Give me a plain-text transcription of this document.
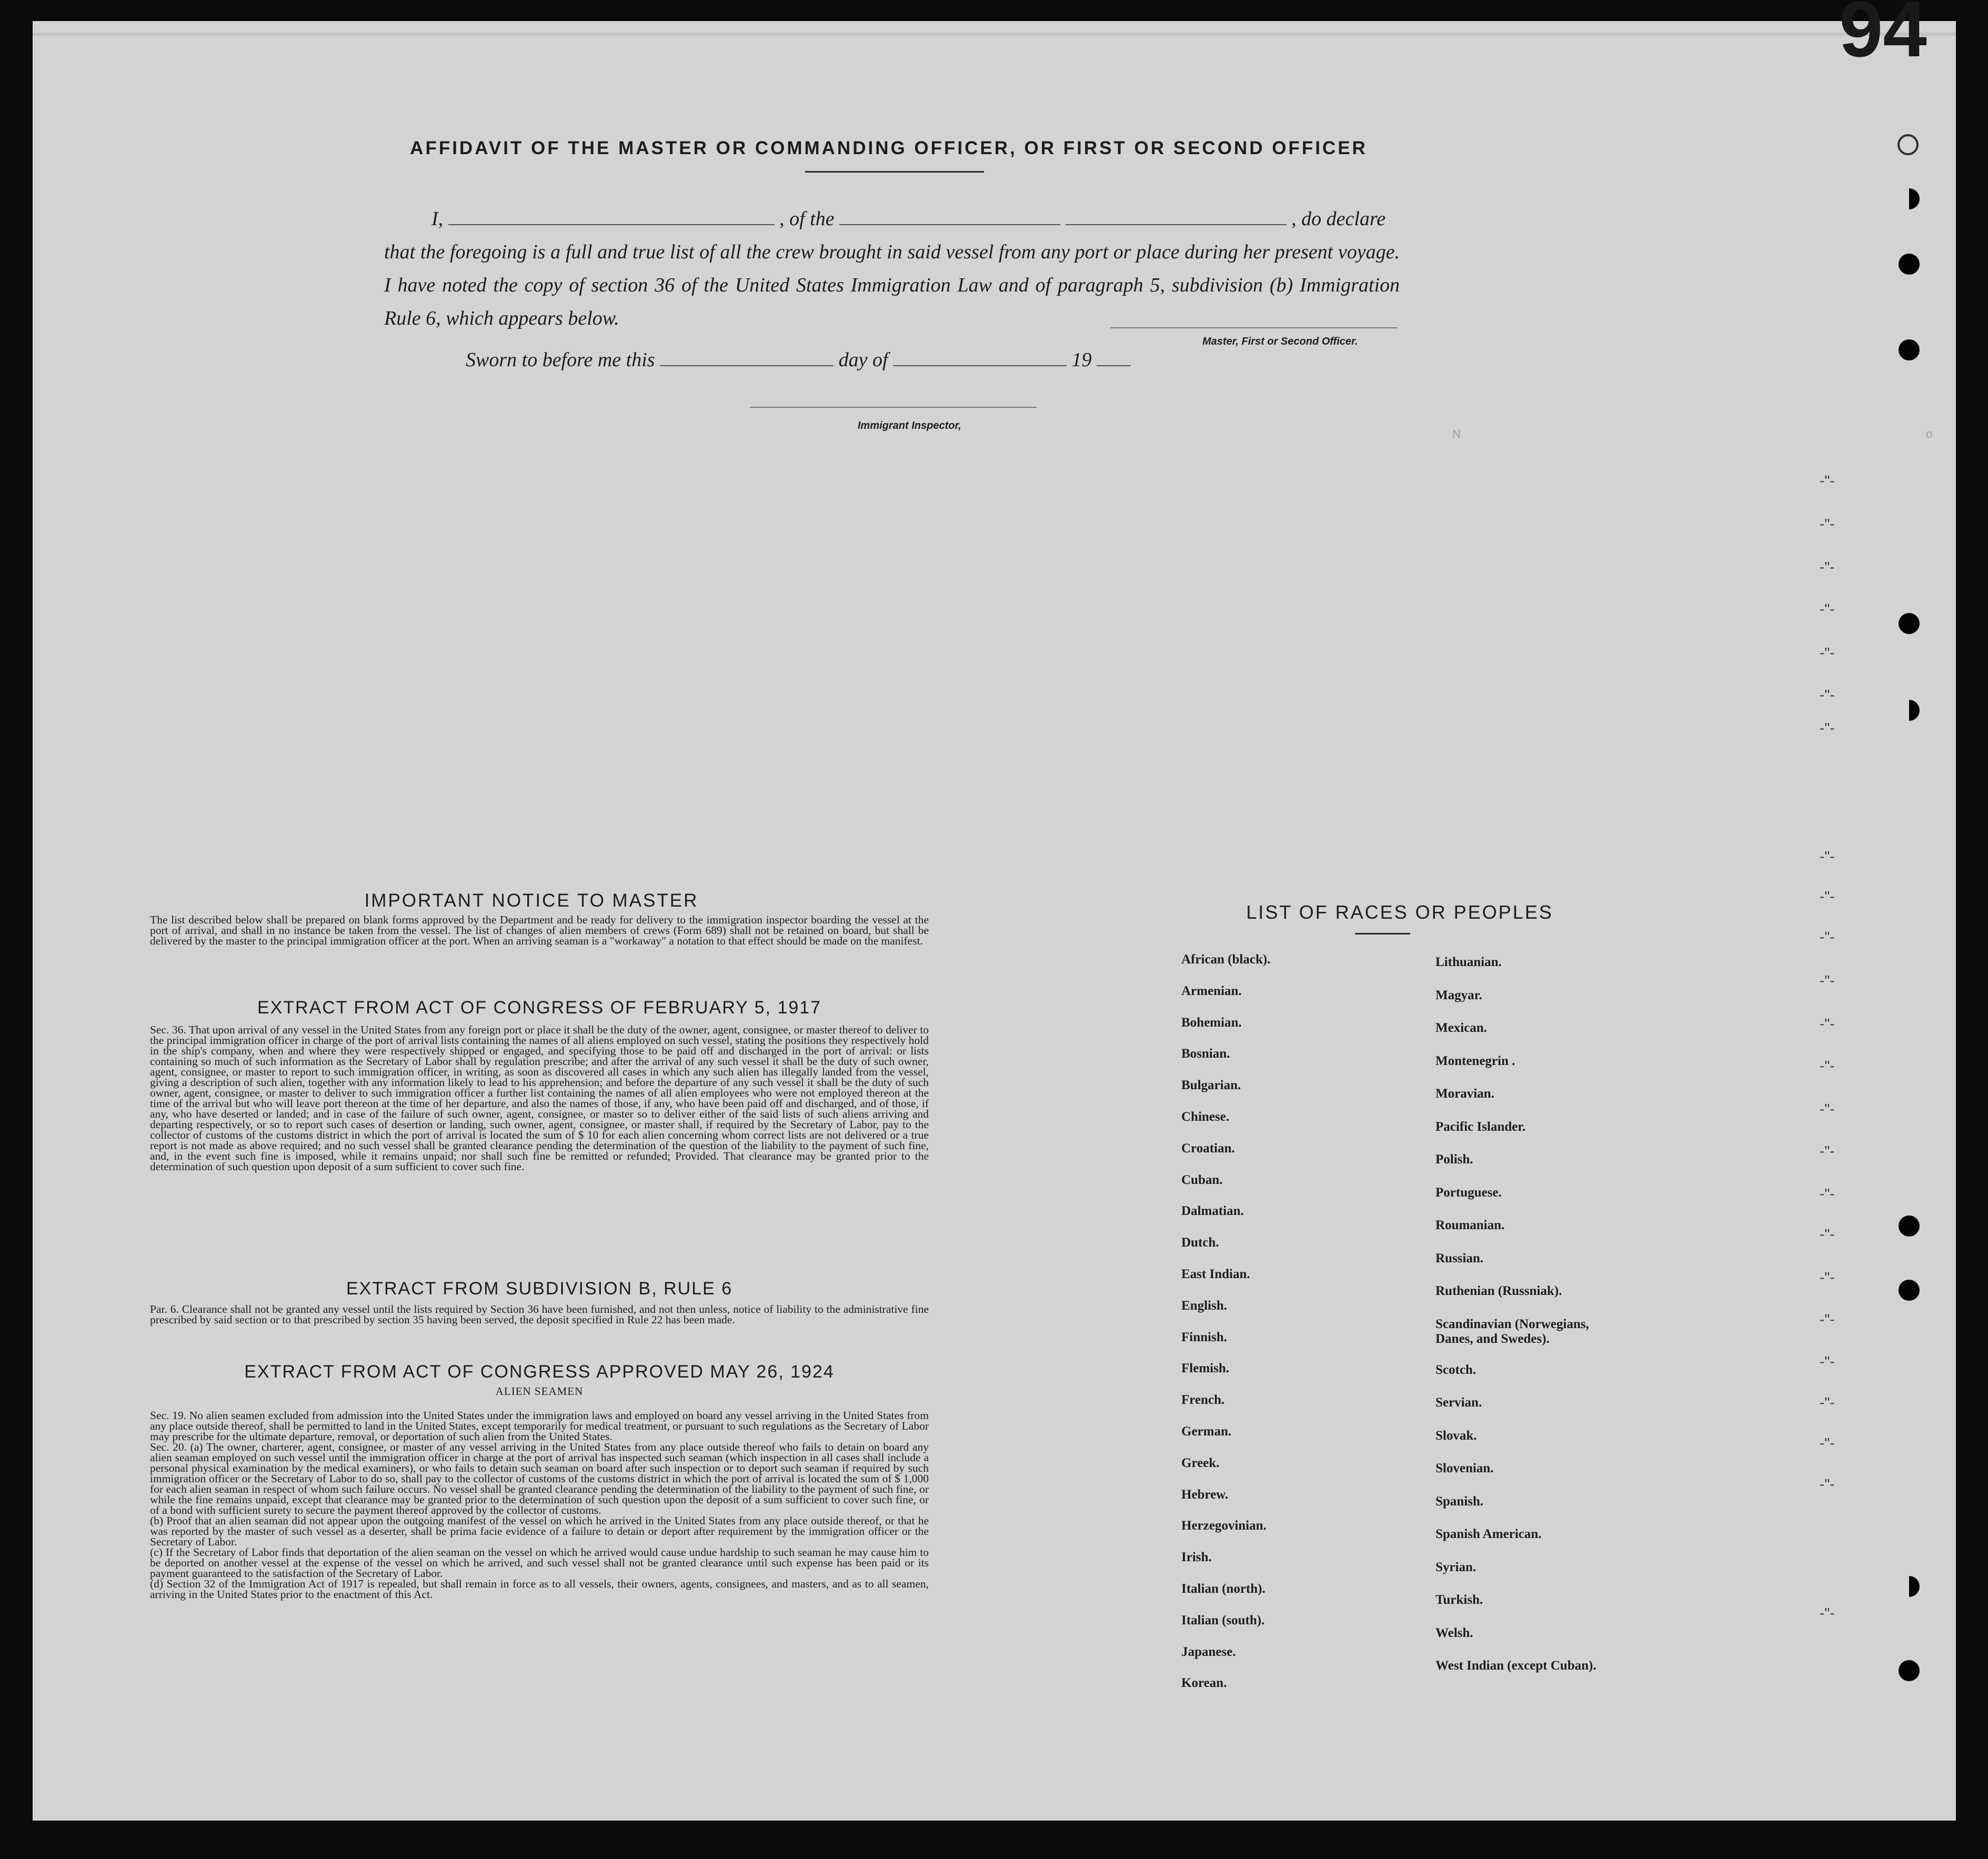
94
AFFIDAVIT OF THE MASTER OR COMMANDING OFFICER, OR FIRST OR SECOND OFFICER
I,	, of the	, do declare
that the foregoing is a full and true list of all the crew brought in said vessel from any port or place during her present voyage. I have noted the copy of section 36 of the United States Immigration Law and of paragraph 5, subdivision (b) Immigration Rule 6, which appears below.
Master, First or Second Officer.
Sworn to before me this	day of	19
Immigrant Inspector,
IMPORTANT NOTICE TO MASTER
The list described below shall be prepared on blank forms approved by the Department and be ready for delivery to the immigration inspector boarding the vessel at the port of arrival, and shall in no instance be taken from the vessel. The list of changes of alien members of crews (Form 689) shall not be retained on board, but shall be delivered by the master to the principal immigration officer at the port. When an arriving seaman is a "workaway" a notation to that effect should be made on the manifest.
EXTRACT FROM ACT OF CONGRESS OF FEBRUARY 5, 1917
Sec. 36. That upon arrival of any vessel in the United States from any foreign port or place it shall be the duty of the owner, agent, consignee, or master thereof to deliver to the principal immigration officer in charge of the port of arrival lists containing the names of all aliens employed on such vessel, stating the positions they respectively hold in the ship's company, when and where they were respectively shipped or engaged, and specifying those to be paid off and discharged in the port of arrival: or lists containing so much of such information as the Secretary of Labor shall by regulation prescribe; and after the arrival of any such vessel it shall be the duty of such owner, agent, consignee, or master to report to such immigration officer, in writing, as soon as discovered all cases in which any such alien has illegally landed from the vessel, giving a description of such alien, together with any information likely to lead to his apprehension; and before the departure of any such vessel it shall be the duty of such owner, agent, consignee, or master to deliver to such immigration officer a further list containing the names of all alien employees who were not employed thereon at the time of the arrival but who will leave port thereon at the time of her departure, and also the names of those, if any, who have been paid off and discharged, and of those, if any, who have deserted or landed; and in case of the failure of such owner, agent, consignee, or master so to deliver either of the said lists of such aliens arriving and departing respectively, or so to report such cases of desertion or landing, such owner, agent, consignee, or master shall, if required by the Secretary of Labor, pay to the collector of customs of the customs district in which the port of arrival is located the sum of $ 10 for each alien concerning whom correct lists are not delivered or a true report is not made as above required; and no such vessel shall be granted clearance pending the determination of the question of the liability to the payment of such fine, and, in the event such fine is imposed, while it remains unpaid; nor shall such fine be remitted or refunded; Provided. That clearance may be granted prior to the determination of such question upon deposit of a sum sufficient to cover such fine.
EXTRACT FROM SUBDIVISION B, RULE 6
Par. 6. Clearance shall not be granted any vessel until the lists required by Section 36 have been furnished, and not then unless, notice of liability to the administrative fine prescribed by said section or to that prescribed by section 35 having been served, the deposit specified in Rule 22 has been made.
EXTRACT FROM ACT OF CONGRESS APPROVED MAY 26, 1924
ALIEN SEAMEN
Sec. 19. No alien seamen excluded from admission into the United States under the immigration laws and employed on board any vessel arriving in the United States from any place outside thereof, shall be permitted to land in the United States, except temporarily for medical treatment, or pursuant to such regulations as the Secretary of Labor may prescribe for the ultimate departure, removal, or deportation of such alien from the United States.
Sec. 20. (a) The owner, charterer, agent, consignee, or master of any vessel arriving in the United States from any place outside thereof who fails to detain on board any alien seaman employed on such vessel until the immigration officer in charge at the port of arrival has inspected such seaman (which inspection in all cases shall include a personal physical examination by the medical examiners), or who fails to detain such seaman on board after such inspection or to deport such seaman if required by such immigration officer or the Secretary of Labor to do so, shall pay to the collector of customs of the customs district in which the port of arrival is located the sum of $ 1,000 for each alien seaman in respect of whom such failure occurs. No vessel shall be granted clearance pending the determination of the liability to the payment of such fine, or while the fine remains unpaid, except that clearance may be granted prior to the determination of such question upon the deposit of a sum sufficient to cover such fine, or of a bond with sufficient surety to secure the payment thereof approved by the collector of customs.
(b) Proof that an alien seaman did not appear upon the outgoing manifest of the vessel on which he arrived in the United States from any place outside thereof, or that he was reported by the master of such vessel as a deserter, shall be prima facie evidence of a failure to detain or deport after requirement by the immigration officer or the Secretary of Labor.
(c) If the Secretary of Labor finds that deportation of the alien seaman on the vessel on which he arrived would cause undue hardship to such seaman he may cause him to be deported on another vessel at the expense of the vessel on which he arrived, and such vessel shall not be granted clearance until such expense has been paid or its payment guaranteed to the satisfaction of the Secretary of Labor.
(d) Section 32 of the Immigration Act of 1917 is repealed, but shall remain in force as to all vessels, their owners, agents, consignees, and masters, and as to all seamen, arriving in the United States prior to the enactment of this Act.
LIST OF RACES OR PEOPLES
African (black).
Armenian.
Bohemian.
Bosnian.
Bulgarian.
Chinese.
Croatian.
Cuban.
Dalmatian.
Dutch.
East Indian.
English.
Finnish.
Flemish.
French.
German.
Greek.
Hebrew.
Herzegovinian.
Irish.
Italian (north).
Italian (south).
Japanese.
Korean.
Lithuanian.
Magyar.
Mexican.
Montenegrin .
Moravian.
Pacific Islander.
Polish.
Portuguese.
Roumanian.
Russian.
Ruthenian (Russniak).
Scandinavian (Norwegians, Danes, and Swedes).
Scotch.
Servian.
Slovak.
Slovenian.
Spanish.
Spanish American.
Syrian.
Turkish.
Welsh.
West Indian (except Cuban).
-"-
-"-
-"-
-"-
-"-
-"-
-"-
-"-
-"-
-"-
-"-
-"-
-"-
-"-
-"-
-"-
-"-
-"-
-"-
-"-
-"-
-"-
-"-
-"-
N	o
